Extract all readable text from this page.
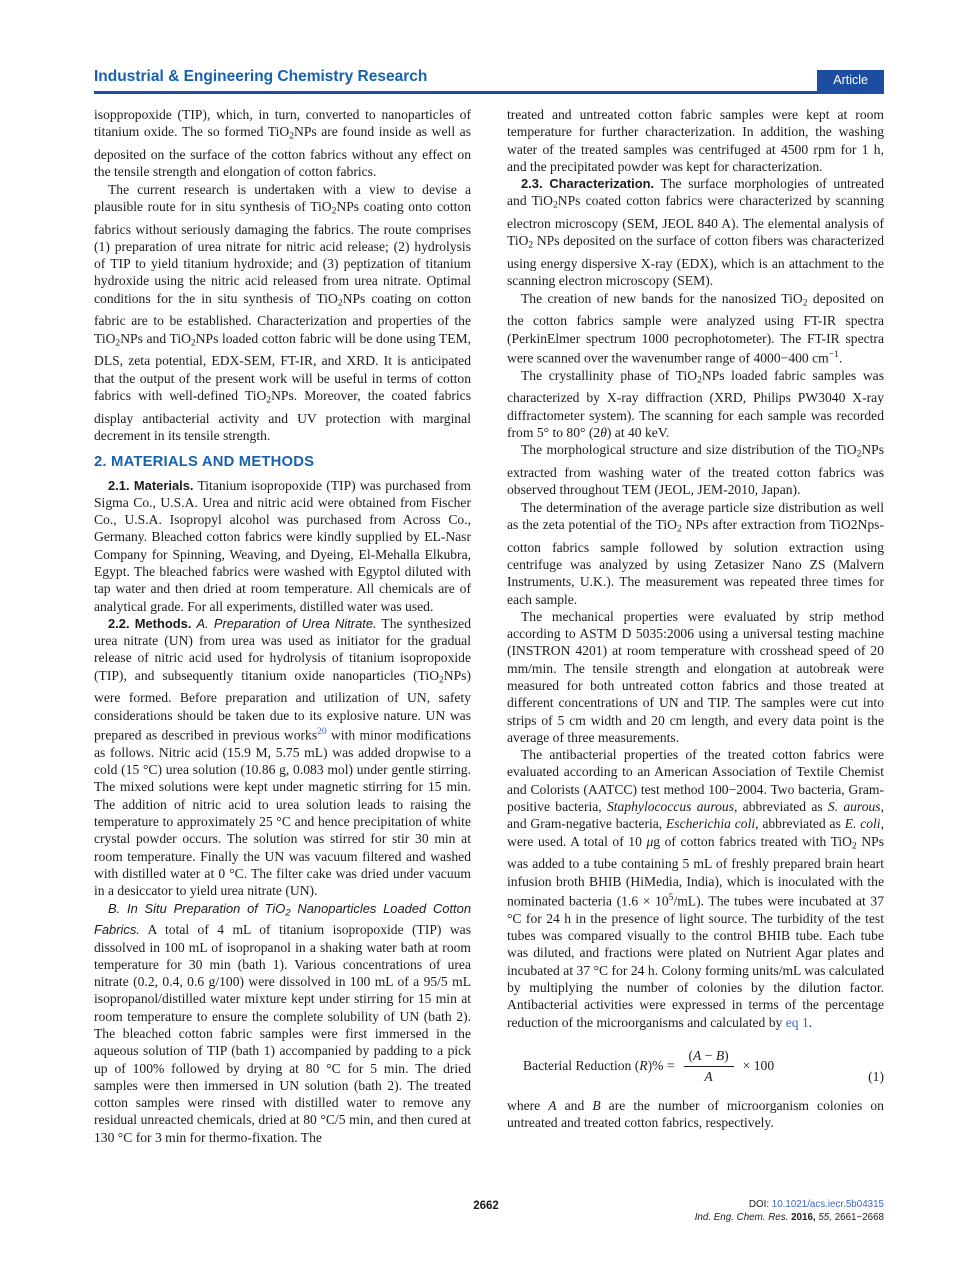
Industrial & Engineering Chemistry Research	Article

isoppropoxide (TIP), which, in turn, converted to nanoparticles of titanium oxide. The so formed TiO$_2$NPs are found inside as well as deposited on the surface of the cotton fabrics without any effect on the tensile strength and elongation of cotton fabrics.

The current research is undertaken with a view to devise a plausible route for in situ synthesis of TiO$_2$NPs coating onto cotton fabrics without seriously damaging the fabrics. The route comprises (1) preparation of urea nitrate for nitric acid release; (2) hydrolysis of TIP to yield titanium hydroxide; and (3) peptization of titanium hydroxide using the nitric acid released from urea nitrate. Optimal conditions for the in situ synthesis of TiO$_2$NPs coating on cotton fabric are to be established. Characterization and properties of the TiO$_2$NPs and TiO$_2$NPs loaded cotton fabric will be done using TEM, DLS, zeta potential, EDX-SEM, FT-IR, and XRD. It is anticipated that the output of the present work will be useful in terms of cotton fabrics with well-defined TiO$_2$NPs. Moreover, the coated fabrics display antibacterial activity and UV protection with marginal decrement in its tensile strength.

2. MATERIALS AND METHODS

2.1. Materials. Titanium isopropoxide (TIP) was purchased from Sigma Co., U.S.A. Urea and nitric acid were obtained from Fischer Co., U.S.A. Isopropyl alcohol was purchased from Across Co., Germany. Bleached cotton fabrics were kindly supplied by EL-Nasr Company for Spinning, Weaving, and Dyeing, El-Mehalla Elkubra, Egypt. The bleached fabrics were washed with Egyptol diluted with tap water and then dried at room temperature. All chemicals are of analytical grade. For all experiments, distilled water was used.

2.2. Methods. A. Preparation of Urea Nitrate. The synthesized urea nitrate (UN) from urea was used as initiator for the gradual release of nitric acid used for hydrolysis of titanium isopropoxide (TIP), and subsequently titanium oxide nanoparticles (TiO$_2$NPs) were formed. Before preparation and utilization of UN, safety considerations should be taken due to its explosive nature. UN was prepared as described in previous works$^{20}$ with minor modifications as follows. Nitric acid (15.9 M, 5.75 mL) was added dropwise to a cold (15 °C) urea solution (10.86 g, 0.083 mol) under gentle stirring. The mixed solutions were kept under magnetic stirring for 15 min. The addition of nitric acid to urea solution leads to raising the temperature to approximately 25 °C and hence precipitation of white crystal powder occurs. The solution was stirred for stir 30 min at room temperature. Finally the UN was vacuum filtered and washed with distilled water at 0 °C. The filter cake was dried under vacuum in a desiccator to yield urea nitrate (UN).

B. In Situ Preparation of TiO$_2$ Nanoparticles Loaded Cotton Fabrics. A total of 4 mL of titanium isopropoxide (TIP) was dissolved in 100 mL of isopropanol in a shaking water bath at room temperature for 30 min (bath 1). Various concentrations of urea nitrate (0.2, 0.4, 0.6 g/100) were dissolved in 100 mL of a 95/5 mL isopropanol/distilled water mixture kept under stirring for 15 min at room temperature to ensure the complete solubility of UN (bath 2). The bleached cotton fabric samples were first immersed in the aqueous solution of TIP (bath 1) accompanied by padding to a pick up of 100% followed by drying at 80 °C for 5 min. The dried samples were then immersed in UN solution (bath 2). The treated cotton samples were rinsed with distilled water to remove any residual unreacted chemicals, dried at 80 °C/5 min, and then cured at 130 °C for 3 min for thermo-fixation. The

treated and untreated cotton fabric samples were kept at room temperature for further characterization. In addition, the washing water of the treated samples was centrifuged at 4500 rpm for 1 h, and the precipitated powder was kept for characterization.

2.3. Characterization. The surface morphologies of untreated and TiO$_2$NPs coated cotton fabrics were characterized by scanning electron microscopy (SEM, JEOL 840 A). The elemental analysis of TiO$_2$ NPs deposited on the surface of cotton fibers was characterized using energy dispersive X-ray (EDX), which is an attachment to the scanning electron microscopy (SEM).

The creation of new bands for the nanosized TiO$_2$ deposited on the cotton fabrics sample were analyzed using FT-IR spectra (PerkinElmer spectrum 1000 pecrophotometer). The FT-IR spectra were scanned over the wavenumber range of 4000−400 $cm^{-1}$.

The crystallinity phase of TiO$_2$NPs loaded fabric samples was characterized by X-ray diffraction (XRD, Philips PW3040 X-ray diffractometer system). The scanning for each sample was recorded from 5° to 80° (2θ) at 40 keV.

The morphological structure and size distribution of the TiO$_2$NPs extracted from washing water of the treated cotton fabrics was observed throughout TEM (JEOL, JEM-2010, Japan).

The determination of the average particle size distribution as well as the zeta potential of the TiO$_2$ NPs after extraction from TiO2Nps-cotton fabrics sample followed by solution extraction using centrifuge was analyzed by using Zetasizer Nano ZS (Malvern Instruments, U.K.). The measurement was repeated three times for each sample.

The mechanical properties were evaluated by strip method according to ASTM D 5035:2006 using a universal testing machine (INSTRON 4201) at room temperature with crosshead speed of 20 mm/min. The tensile strength and elongation at autobreak were measured for both untreated cotton fabrics and those treated at different concentrations of UN and TIP. The samples were cut into strips of 5 cm width and 20 cm length, and every data point is the average of three measurements.

The antibacterial properties of the treated cotton fabrics were evaluated according to an American Association of Textile Chemist and Colorists (AATCC) test method 100−2004. Two bacteria, Gram-positive bacteria, Staphylococcus aurous, abbreviated as S. aurous, and Gram-negative bacteria, Escherichia coli, abbreviated as E. coli, were used. A total of 10 μg of cotton fabrics treated with TiO$_2$ NPs was added to a tube containing 5 mL of freshly prepared brain heart infusion broth BHIB (HiMedia, India), which is inoculated with the nominated bacteria $(1.6 \times 10^5/mL)$. The tubes were incubated at 37 °C for 24 h in the presence of light source. The turbidity of the test tubes was compared visually to the control BHIB tube. Each tube was diluted, and fractions were plated on Nutrient Agar plates and incubated at 37 °C for 24 h. Colony forming units/mL was calculated by multiplying the number of colonies by the dilution factor. Antibacterial activities were expressed in terms of the percentage reduction of the microorganisms and calculated by eq 1.

Bacterial Reduction $(R)\% = \frac{(A - B)}{A} \times 100$
(1)

where A and B are the number of microorganism colonies on untreated and treated cotton fabrics, respectively.

2662	DOI: 10.1021/acs.iecr.5b04315
Ind. Eng. Chem. Res. 2016, 55, 2661−2668
